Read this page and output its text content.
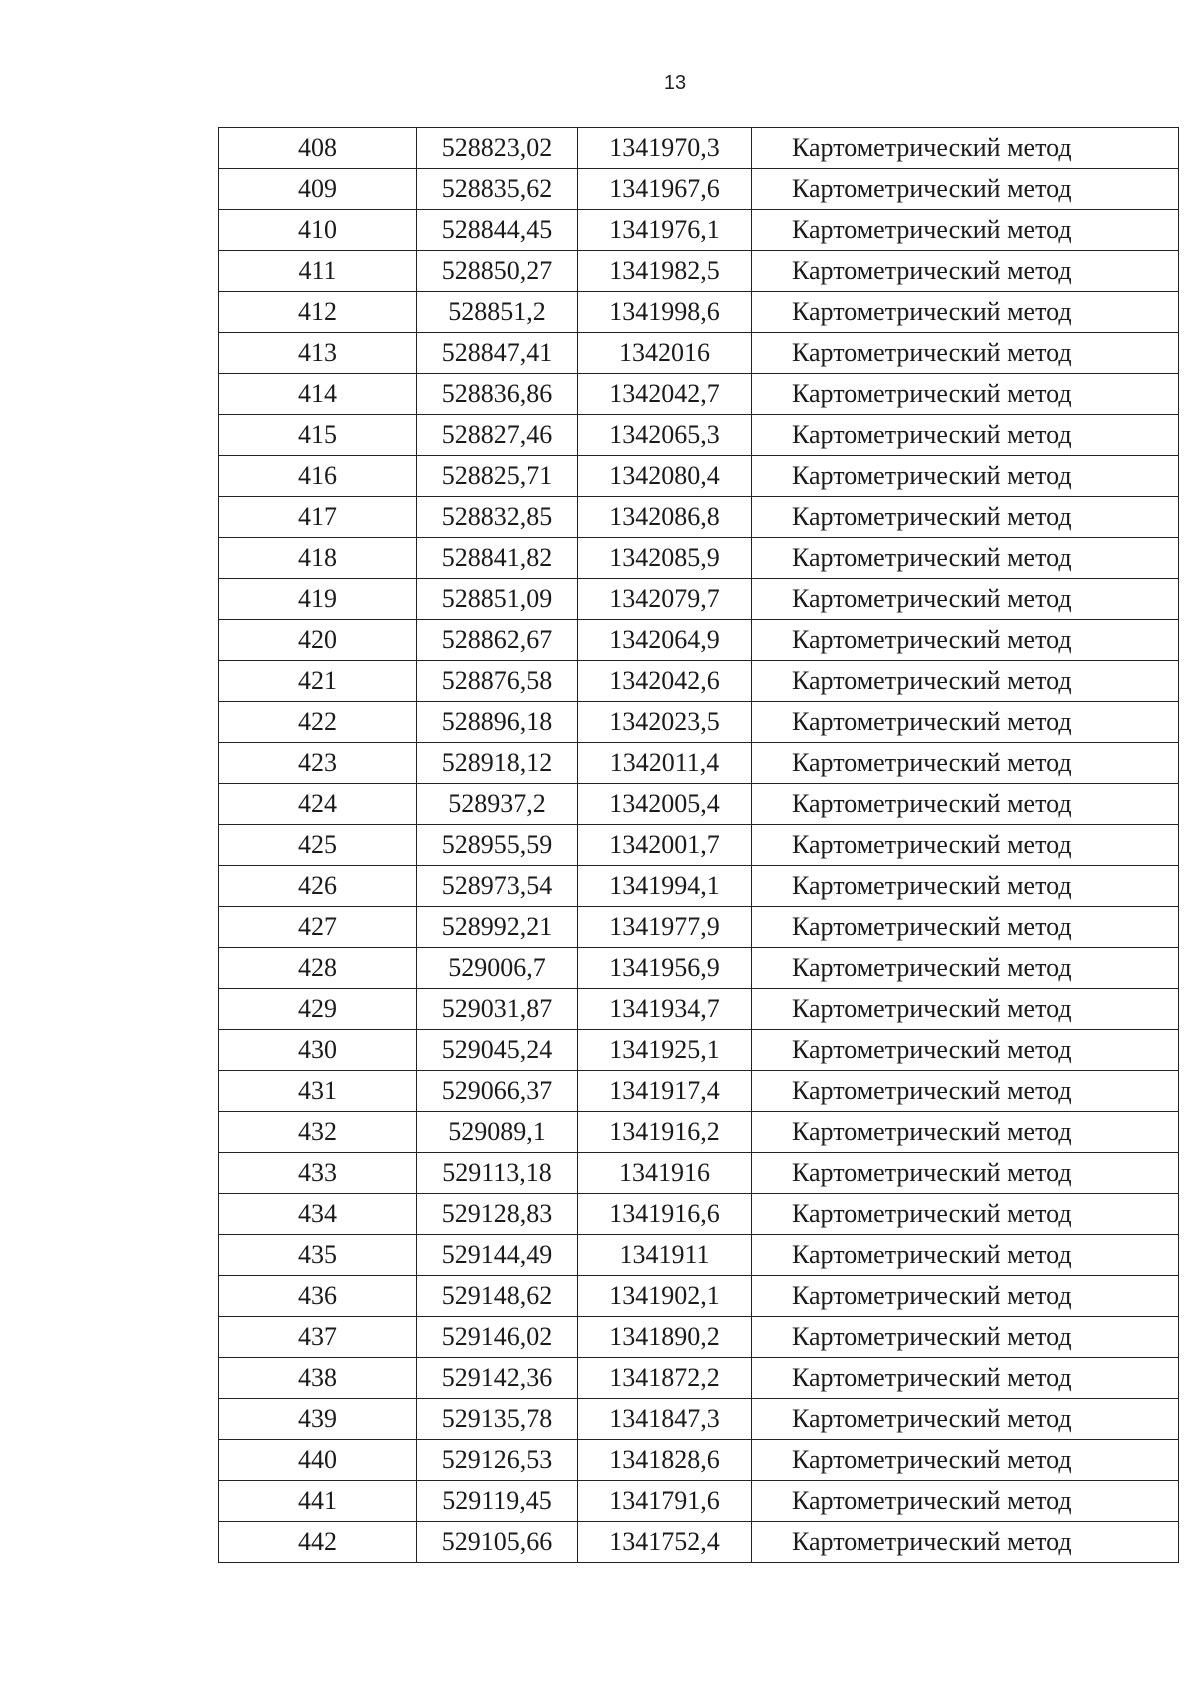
13
408	528823,02	1341970,3	Картометрический метод
409	528835,62	1341967,6	Картометрический метод
410	528844,45	1341976,1	Картометрический метод
411	528850,27	1341982,5	Картометрический метод
412	528851,2	1341998,6	Картометрический метод
413	528847,41	1342016	Картометрический метод
414	528836,86	1342042,7	Картометрический метод
415	528827,46	1342065,3	Картометрический метод
416	528825,71	1342080,4	Картометрический метод
417	528832,85	1342086,8	Картометрический метод
418	528841,82	1342085,9	Картометрический метод
419	528851,09	1342079,7	Картометрический метод
420	528862,67	1342064,9	Картометрический метод
421	528876,58	1342042,6	Картометрический метод
422	528896,18	1342023,5	Картометрический метод
423	528918,12	1342011,4	Картометрический метод
424	528937,2	1342005,4	Картометрический метод
425	528955,59	1342001,7	Картометрический метод
426	528973,54	1341994,1	Картометрический метод
427	528992,21	1341977,9	Картометрический метод
428	529006,7	1341956,9	Картометрический метод
429	529031,87	1341934,7	Картометрический метод
430	529045,24	1341925,1	Картометрический метод
431	529066,37	1341917,4	Картометрический метод
432	529089,1	1341916,2	Картометрический метод
433	529113,18	1341916	Картометрический метод
434	529128,83	1341916,6	Картометрический метод
435	529144,49	1341911	Картометрический метод
436	529148,62	1341902,1	Картометрический метод
437	529146,02	1341890,2	Картометрический метод
438	529142,36	1341872,2	Картометрический метод
439	529135,78	1341847,3	Картометрический метод
440	529126,53	1341828,6	Картометрический метод
441	529119,45	1341791,6	Картометрический метод
442	529105,66	1341752,4	Картометрический метод
